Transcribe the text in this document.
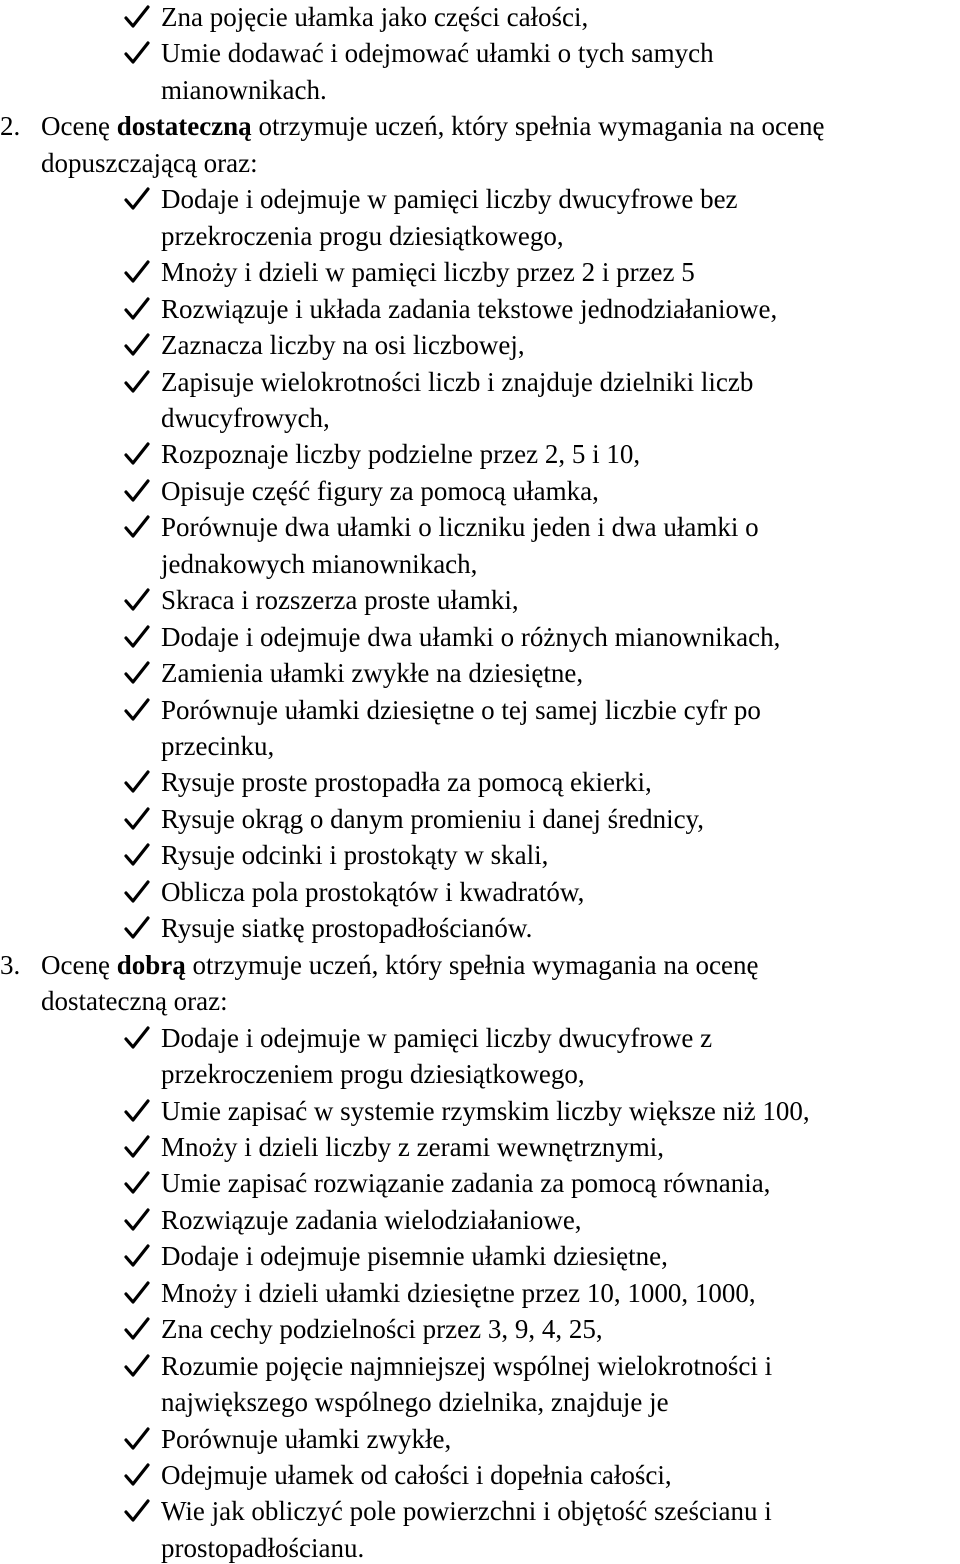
Zna pojęcie ułamka jako części całości,
Umie dodawać i odejmować ułamki o tych samych
mianownikach.
2. Ocenę dostateczną otrzymuje uczeń, który spełnia wymagania na ocenę
dopuszczającą oraz:
Dodaje i odejmuje w pamięci liczby dwucyfrowe bez
przekroczenia progu dziesiątkowego,
Mnoży i dzieli w pamięci liczby przez 2 i przez 5
Rozwiązuje i układa zadania tekstowe jednodziałaniowe,
Zaznacza liczby na osi liczbowej,
Zapisuje wielokrotności liczb i znajduje dzielniki liczb
dwucyfrowych,
Rozpoznaje liczby podzielne przez 2, 5 i 10,
Opisuje część figury za pomocą ułamka,
Porównuje dwa ułamki o liczniku jeden i dwa ułamki o
jednakowych mianownikach,
Skraca i rozszerza proste ułamki,
Dodaje i odejmuje dwa ułamki o różnych mianownikach,
Zamienia ułamki zwykłe na dziesiętne,
Porównuje ułamki dziesiętne o tej samej liczbie cyfr po
przecinku,
Rysuje proste prostopadła za pomocą ekierki,
Rysuje okrąg o danym promieniu i danej średnicy,
Rysuje odcinki i prostokąty w skali,
Oblicza pola prostokątów i kwadratów,
Rysuje siatkę prostopadłościanów.
3. Ocenę dobrą otrzymuje uczeń, który spełnia wymagania na ocenę
dostateczną oraz:
Dodaje i odejmuje w pamięci liczby dwucyfrowe z
przekroczeniem progu dziesiątkowego,
Umie zapisać w systemie rzymskim liczby większe niż 100,
Mnoży i dzieli liczby z zerami wewnętrznymi,
Umie zapisać rozwiązanie zadania za pomocą równania,
Rozwiązuje zadania wielodziałaniowe,
Dodaje i odejmuje pisemnie ułamki dziesiętne,
Mnoży i dzieli ułamki dziesiętne przez 10, 1000, 1000,
Zna cechy podzielności przez 3, 9, 4, 25,
Rozumie pojęcie najmniejszej wspólnej wielokrotności i
największego wspólnego dzielnika, znajduje je
Porównuje ułamki zwykłe,
Odejmuje ułamek od całości i dopełnia całości,
Wie jak obliczyć pole powierzchni i objętość sześcianu i
prostopadłościanu.
